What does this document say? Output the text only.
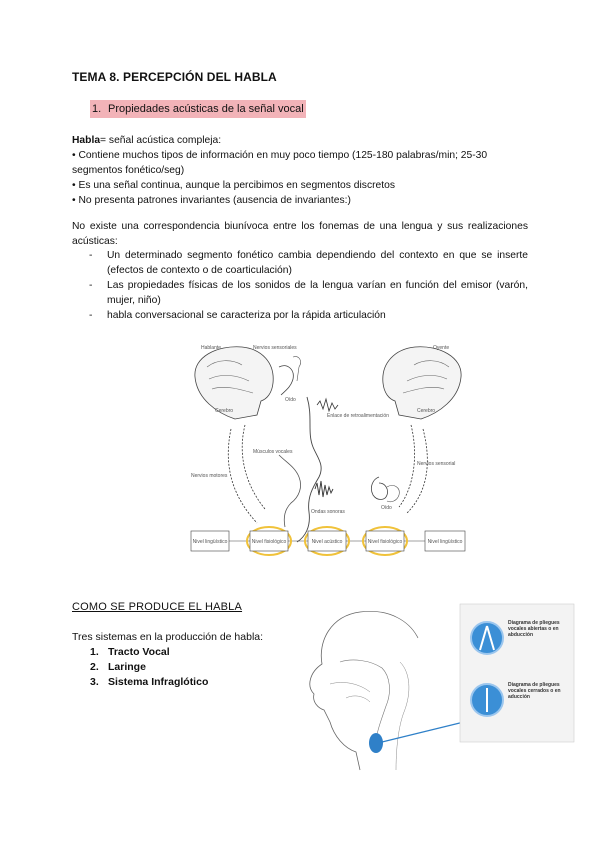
TEMA 8. PERCEPCIÓN DEL HABLA
1. Propiedades acústicas de la señal vocal
Habla= señal acústica compleja:
• Contiene muchos tipos de información en muy poco tiempo (125-180 palabras/min; 25-30 segmentos fonético/seg)
• Es una señal continua, aunque la percibimos en segmentos discretos
• No presenta patrones invariantes (ausencia de invariantes:)
No existe una correspondencia biunívoca entre los fonemas de una lengua y sus realizaciones acústicas:
- Un determinado segmento fonético cambia dependiendo del contexto en que se inserte (efectos de contexto o de coarticulación)
- Las propiedades físicas de los sonidos de la lengua varían en función del emisor (varón, mujer, niño)
- habla conversacional se caracteriza por la rápida articulación
Hablante	Oyente
Nervios sensoriales
Cerebro	Cerebro
Oído
Oído
Enlace de retroalimentación
Músculos vocales
Nervios motores
Nervios sensorial
Ondas sonoras
Nivel lingüístico	Nivel fisiológico	Nivel acústico	Nivel fisiológico	Nivel lingüístico
COMO SE PRODUCE EL HABLA
Tres sistemas en la producción de habla:
1. Tracto Vocal
2. Laringe
3. Sistema Infraglótico
Diagrama de pliegues vocales abiertas o en abducción
Diagrama de pliegues vocales cerrados o en aducción
